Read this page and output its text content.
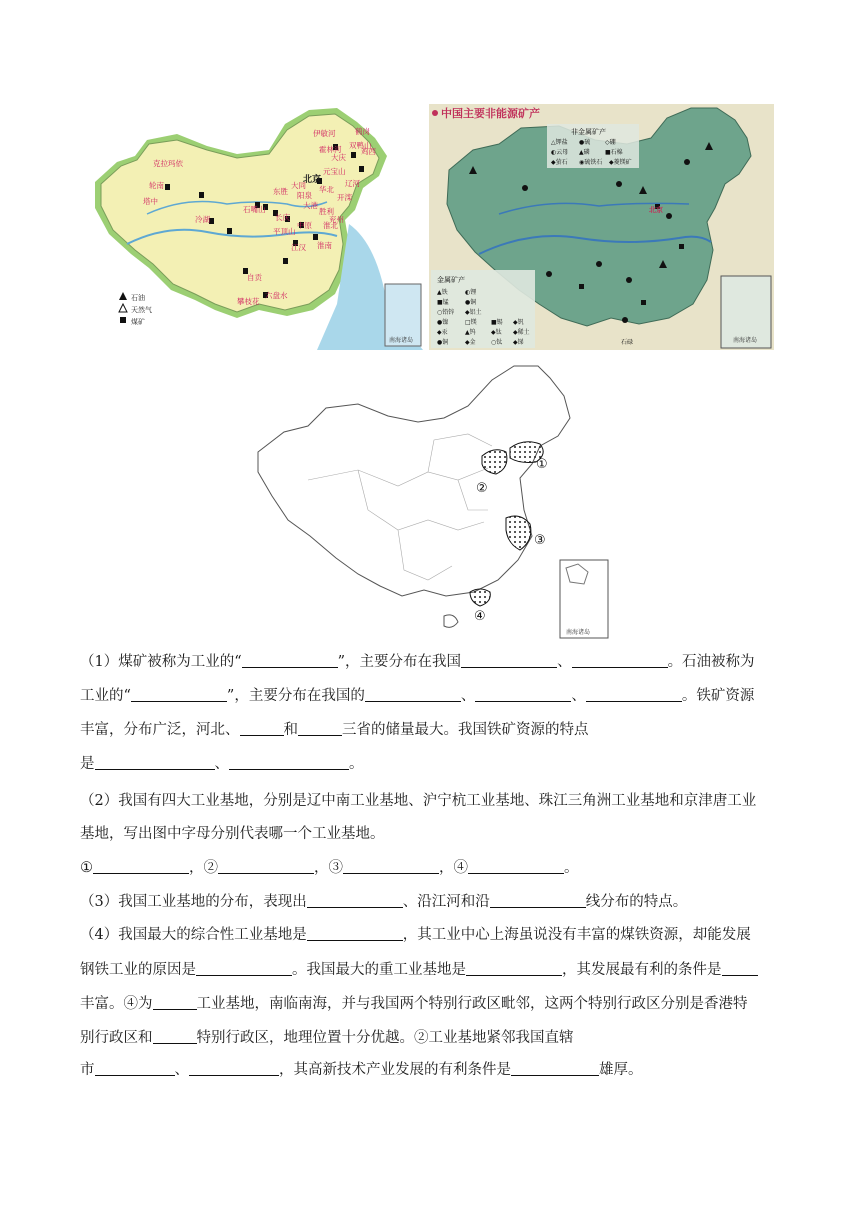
南海诸岛
克拉玛依
轮南
塔中
冷湖
石嘴山
东胜
大同
大港
胜利
中原
江汉
平顶山
淮北
淮南
自贡
六盘水
攀枝花
大庆
辽河
鹤岗
鸡西
双鸭山
霍林河
伊敏河
元宝山
开滦
阳泉
兖州
长庆
华北
北京
石油
天然气
煤矿
南海诸岛
中国主要非能源矿产
非金属矿产
△钾盐 ●硫 ◇硼
◐云母 ▲磷	■石棉
◆萤石 ◉硫铁石 ◆菱镁矿
金属矿产
▲铁	◐锂
■锰	●铜
○铅锌 ◆铝土
●镍	□镁 ■锡 ◆钒
◆汞	▲钨	◆钛 ◆稀土
●铜	◆金	○钛 ◆锑
北京
石碌
南海诸岛
①
②
③
④
（1）煤矿被称为工业的“	”，主要分布在我国	、	。石油被称为
工业的“	”，主要分布在我国的	、	、	。铁矿资源
丰富，分布广泛，河北、	和	三省的储量最大。我国铁矿资源的特点
是	、	。
（2）我国有四大工业基地，分别是辽中南工业基地、沪宁杭工业基地、珠江三角洲工业基地和京津唐工业
基地，写出图中字母分别代表哪一个工业基地。
①	，②	，③	，④	。
（3）我国工业基地的分布，表现出	、沿江河和沿	线分布的特点。
（4）我国最大的综合性工业基地是	，其工业中心上海虽说没有丰富的煤铁资源，却能发展
钢铁工业的原因是	。我国最大的重工业基地是	，其发展最有利的条件是
丰富。④为	工业基地，南临南海，并与我国两个特别行政区毗邻，这两个特别行政区分别是香港特
别行政区和	特别行政区，地理位置十分优越。②工业基地紧邻我国直辖
市	、	，其高新技术产业发展的有利条件是	雄厚。
